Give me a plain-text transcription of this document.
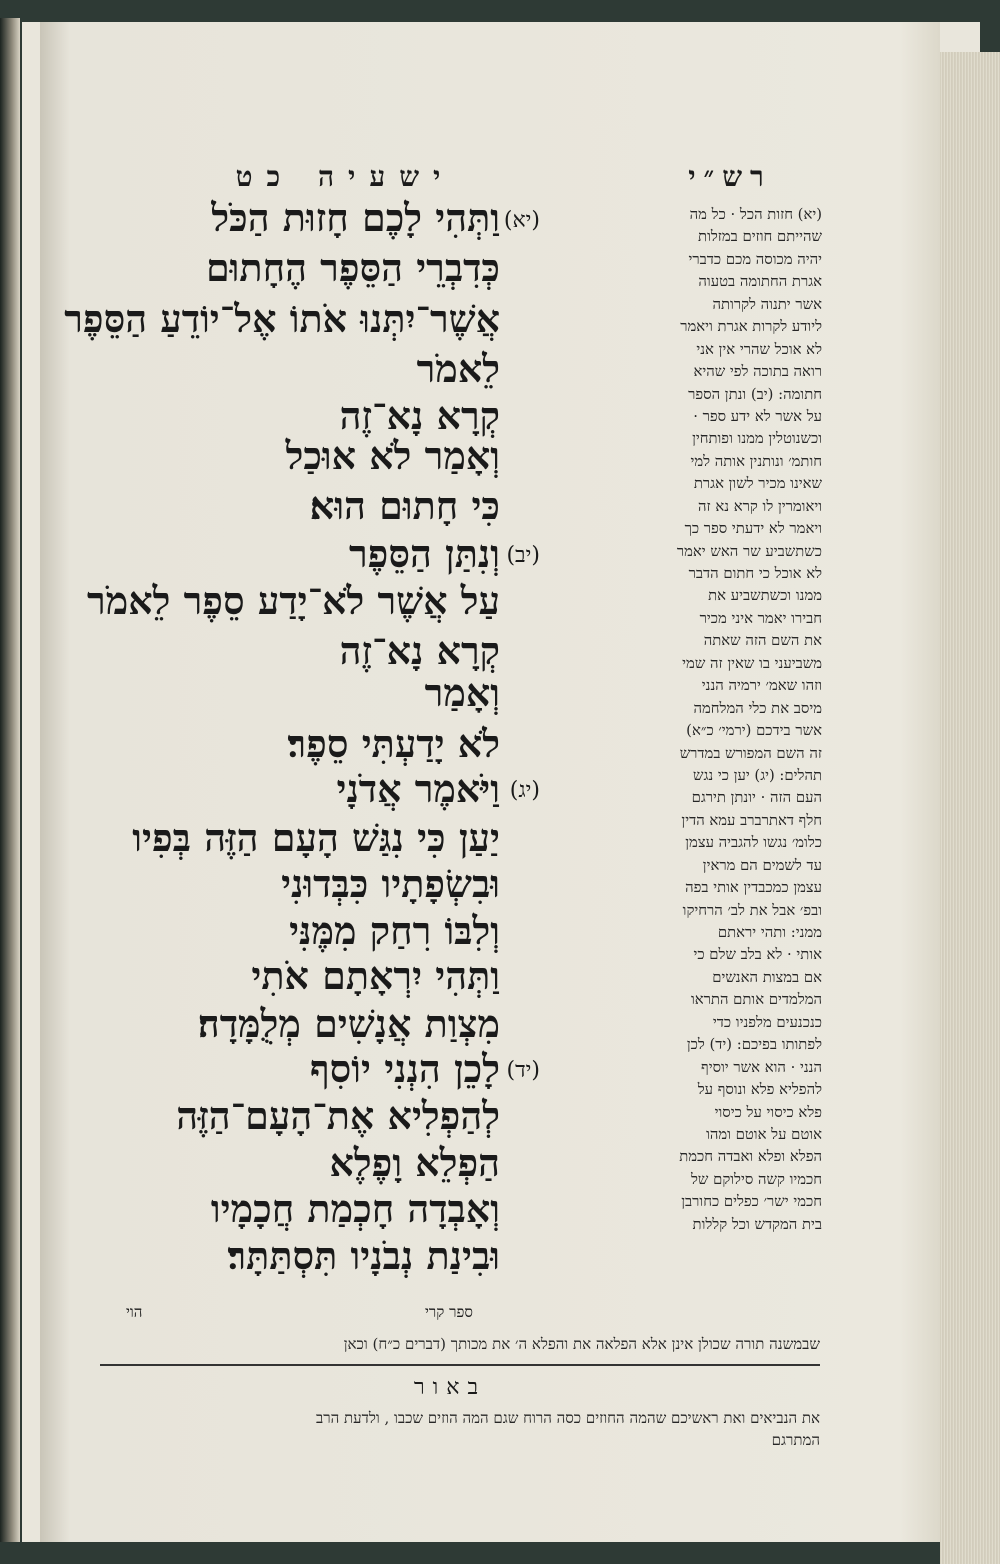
ישעיה כט	רש״י
(יא)
וַתְּהִי לָכֶם חָזוּת הַכֹּל
כְּדִבְרֵי הַסֵּפֶר הֶחָתוּם
אֲשֶׁר־יִתְּנוּ אֹתוֹ אֶל־יוֹדֵעַ הַסֵּפֶר
לֵאמֹר
קְרָא נָא־זֶה
וְאָמַר לֹא אוּכַל
כִּי חָתוּם הוּא׃
(יב)
וְנִתַּן הַסֵּפֶר
עַל אֲשֶׁר לֹא־יָדַע סֵפֶר לֵאמֹר
קְרָא נָא־זֶה
וְאָמַר
לֹא יָדַעְתִּי סֵפֶר׃
(יג)
וַיֹּאמֶר אֲדֹנָי
יַעַן כִּי נִגַּשׁ הָעָם הַזֶּה בְּפִיו
וּבִשְׂפָתָיו כִּבְּדוּנִי
וְלִבּוֹ רִחַק מִמֶּנִּי
וַתְּהִי יִרְאָתָם אֹתִי
מִצְוַת אֲנָשִׁים מְלֻמָּדָה׃
(יד)
לָכֵן הִנְנִי יוֹסִף
לְהַפְלִיא אֶת־הָעָם־הַזֶּה
הַפְלֵא וָפֶלֶא
וְאָבְדָה חָכְמַת חֲכָמָיו
וּבִינַת נְבֹנָיו תִּסְתַּתָּר׃
(יא) חזות הכל · כל מה
שהייתם חוזים במזלות
יהיה מכוסה מכם כדברי
אגרת החתומה בטעוה
אשר יתנוה לקרותה
ליודע לקרות אגרת ויאמר
לא אוכל שהרי אין אני
רואה בתוכה לפי שהיא
חתומה: (יב) ונתן הספר
על אשר לא ידע ספר ·
וכשנוטלין ממנו ופותחין
חותמ׳ ונותנין אותה למי
שאינו מכיר לשון אגרת
ויאומרין לו קרא נא זה
ויאמר לא ידעתי ספר כך
כשתשביע שר האש יאמר
לא אוכל כי חתום הדבר
ממנו וכשתשביע את
חבירו יאמר איני מכיר
את השם הזה שאתה
משביעני בו שאין זה שמי
וזהו שאמ׳ ירמיה הנני
מיסב את כלי המלחמה
אשר בידכם (ירמי׳ כ״א)
זה השם המפורש במדרש
תהלים: (יג) יען כי נגש
העם הזה · יונתן תירגם
חלף דאתרברב עמא הדין
כלומ׳ נגשו להגביה עצמן
עד לשמים הם מראין
עצמן כמכבדין אותי בפה
ובפ׳ אבל את לב׳ הרחיקו
ממני: ותהי יראתם
אותי · לא בלב שלם כי
אם במצות האנשים
המלמדים אותם התראו
כנכנעים מלפניו כדי
לפתותו בפיכם: (יד) לכן
הנני · הוא אשר יוסיף
להפליא פלא ונוסף על
פלא כיסוי על כיסוי
אוטם על אוטם ומהו
הפלא ופלא ואבדה חכמת
חכמיו קשה סילוקם של
חכמי ישר׳ כפלים כחורבן
בית המקדש וכל קללות
הוי	ספר קרי
שבמשנה תורה שכולן אינן אלא הפלאה את והפלא ה׳ את מכותך (דברים כ״ח) וכאן
באור
את הנביאים ואת ראשיכם שהמה החוזים כסה הרוח שגם המה הוזים שכבו , ולדעת הרב
המתרגם
